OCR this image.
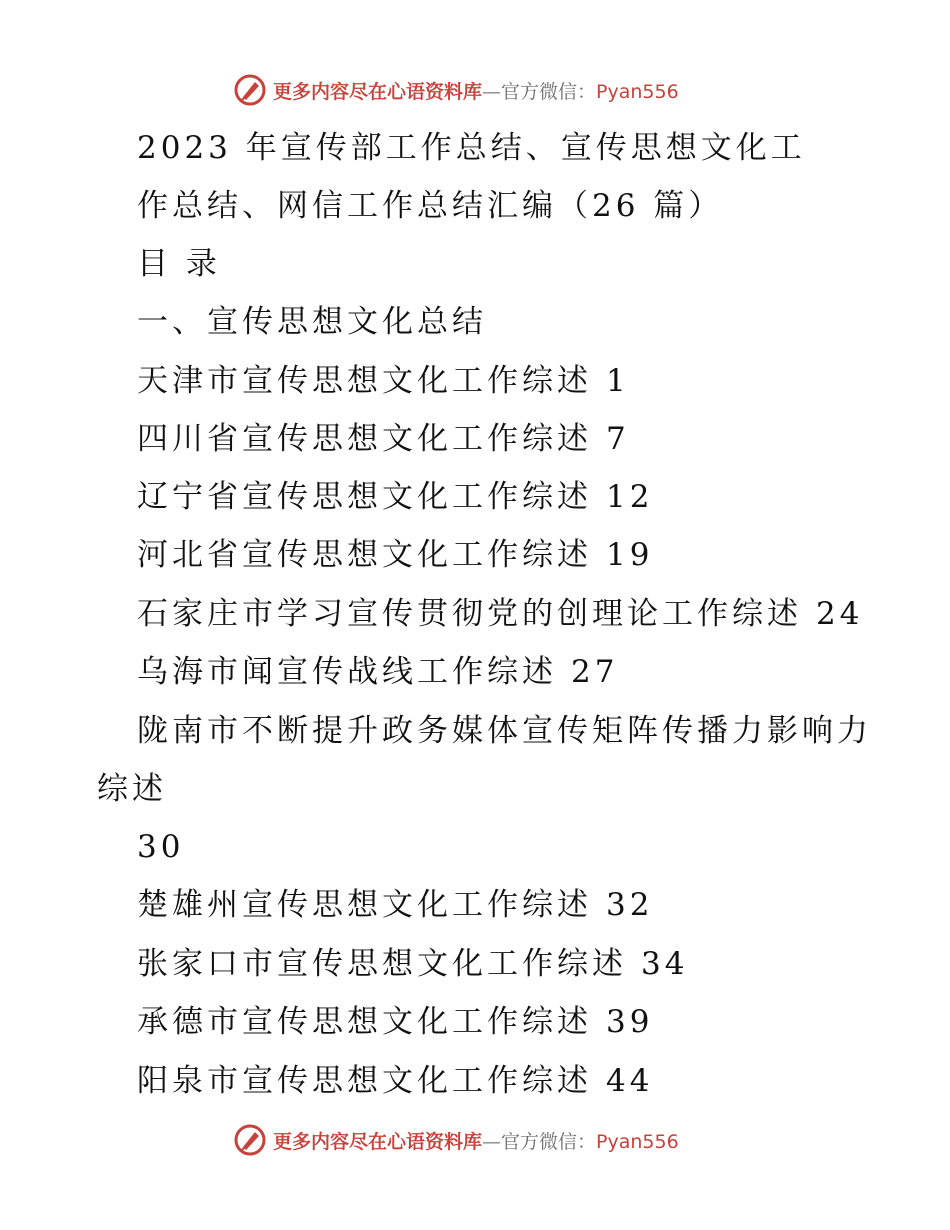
更多内容尽在心语资料库—官方微信：Pyan556
2023 年宣传部工作总结、宣传思想文化工
作总结、网信工作总结汇编（26 篇）
目 录
一、宣传思想文化总结
天津市宣传思想文化工作综述 1
四川省宣传思想文化工作综述 7
辽宁省宣传思想文化工作综述 12
河北省宣传思想文化工作综述 19
石家庄市学习宣传贯彻党的创理论工作综述 24
乌海市闻宣传战线工作综述 27
陇南市不断提升政务媒体宣传矩阵传播力影响力
综述
30
楚雄州宣传思想文化工作综述 32
张家口市宣传思想文化工作综述 34
承德市宣传思想文化工作综述 39
阳泉市宣传思想文化工作综述 44
更多内容尽在心语资料库—官方微信：Pyan556
